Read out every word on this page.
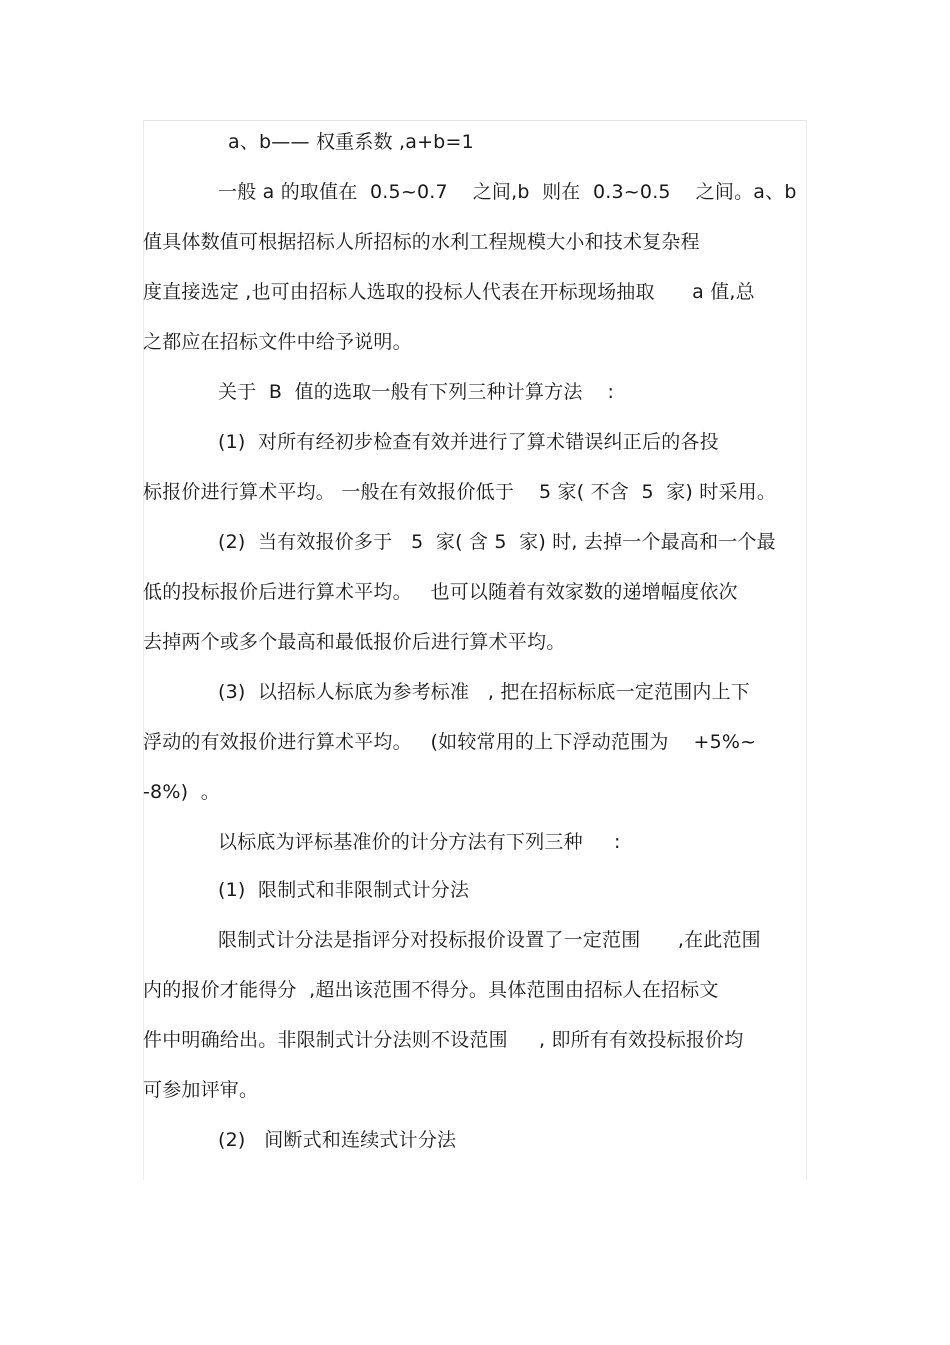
a、b—— 权重系数 ,a+b=1
一般 a 的取值在  0.5~0.7    之间,b  则在  0.3~0.5    之间。a、b
值具体数值可根据招标人所招标的水利工程规模大小和技术复杂程
度直接选定 ,也可由招标人选取的投标人代表在开标现场抽取      a 值,总
之都应在招标文件中给予说明。
关于  B  值的选取一般有下列三种计算方法    :
(1)  对所有经初步检查有效并进行了算术错误纠正后的各投
标报价进行算术平均。 一般在有效报价低于    5 家( 不含  5  家) 时采用。
(2)  当有效报价多于   5  家( 含 5  家) 时, 去掉一个最高和一个最
低的投标报价后进行算术平均。   也可以随着有效家数的递增幅度依次
去掉两个或多个最高和最低报价后进行算术平均。
(3)  以招标人标底为参考标准   , 把在招标标底一定范围内上下
浮动的有效报价进行算术平均。   (如较常用的上下浮动范围为    +5%~
-8%)  。
以标底为评标基准价的计分方法有下列三种     :
(1)  限制式和非限制式计分法
限制式计分法是指评分对投标报价设置了一定范围      ,在此范围
内的报价才能得分  ,超出该范围不得分。具体范围由招标人在招标文
件中明确给出。非限制式计分法则不设范围     , 即所有有效投标报价均
可参加评审。
(2)   间断式和连续式计分法
